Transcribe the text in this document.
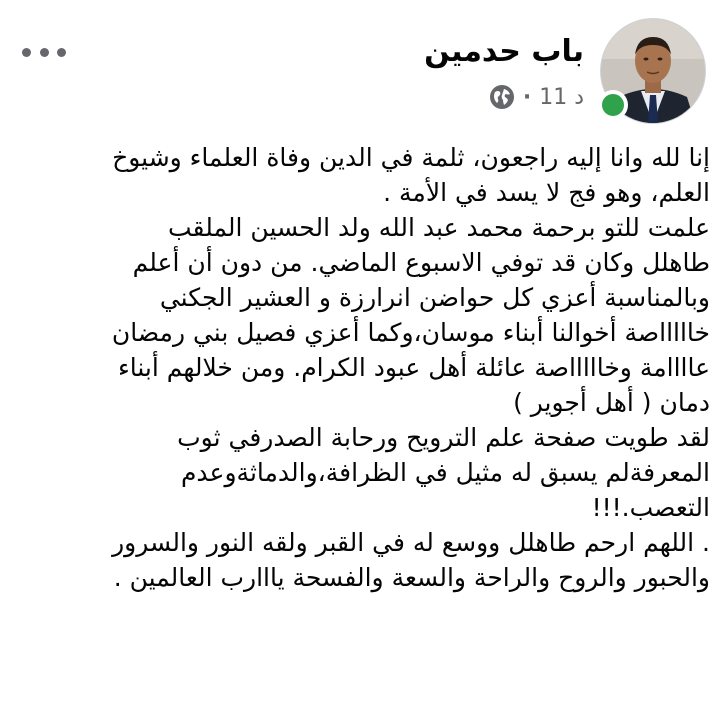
باب حدمين
11 د
·
إنا لله وانا إليه راجعون، ثلمة في الدين وفاة العلماء وشيوخ
العلم، وهو فج لا يسد في الأمة .
علمت للتو برحمة محمد عبد الله ولد الحسين الملقب
طاهلل وكان قد توفي الاسبوع الماضي. من دون أن أعلم
وبالمناسبة أعزي كل حواضن انرارزة و العشير الجكني
خاااااصة أخوالنا أبناء موسان،وكما أعزي فصيل بني رمضان
عاااامة وخاااااصة عائلة أهل عبود الكرام. ومن خلالهم أبناء
دمان ( أهل أجوير )
لقد طويت صفحة علم الترويح ورحابة الصدرفي ثوب
المعرفةلم يسبق له مثيل في الظرافة،والدماثةوعدم
التعصب.!!!
. اللهم ارحم طاهلل ووسع له في القبر ولقه النور والسرور
والحبور والروح والراحة والسعة والفسحة يااارب العالمين .
